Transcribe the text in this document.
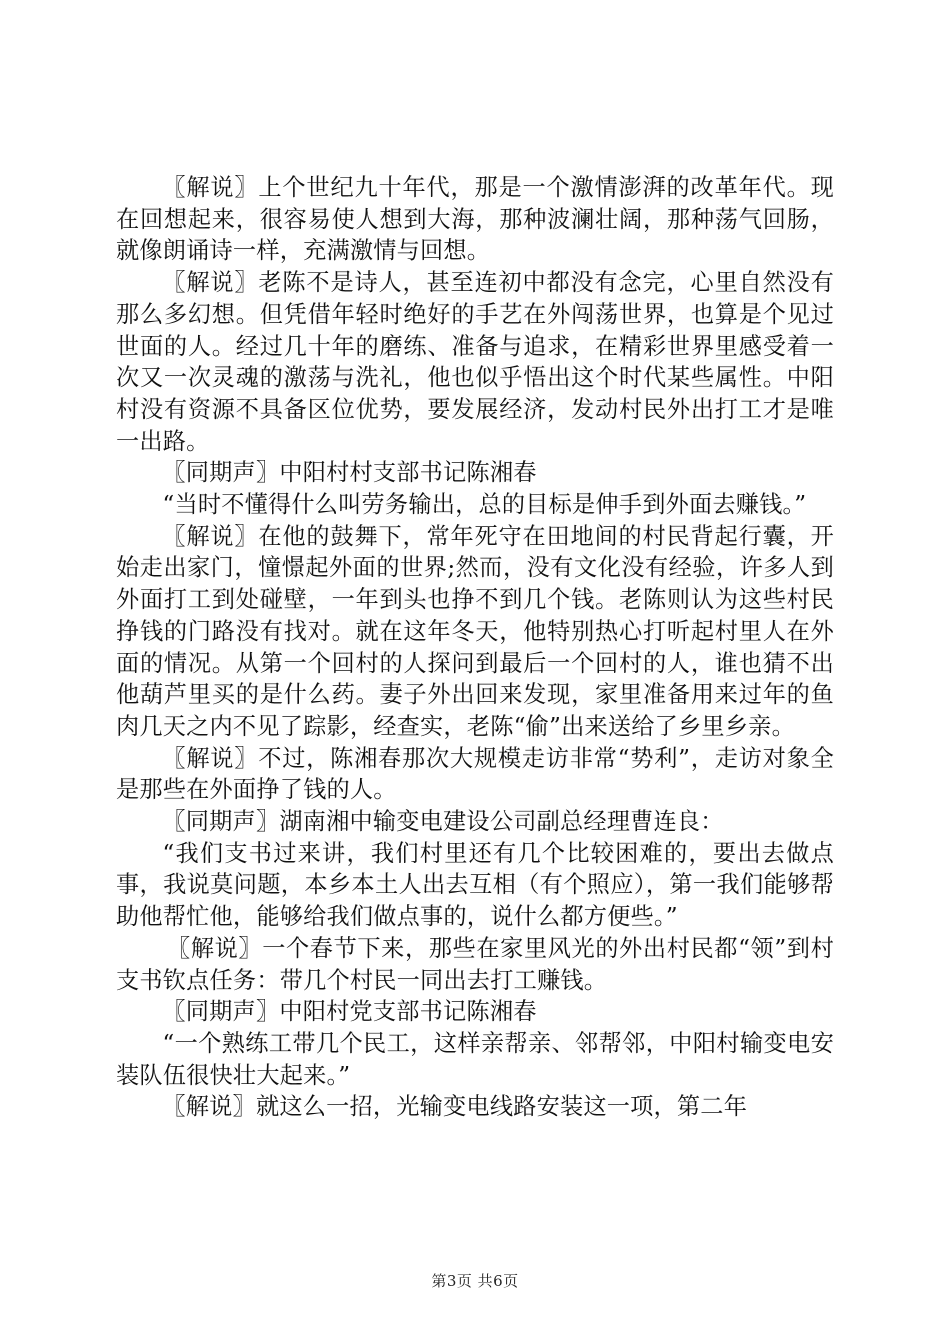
〖解说〗上个世纪九十年代，那是一个激情澎湃的改革年代。现在回想起来，很容易使人想到大海，那种波澜壮阔，那种荡气回肠，就像朗诵诗一样，充满激情与回想。

〖解说〗老陈不是诗人，甚至连初中都没有念完，心里自然没有那么多幻想。但凭借年轻时绝好的手艺在外闯荡世界，也算是个见过世面的人。经过几十年的磨练、准备与追求，在精彩世界里感受着一次又一次灵魂的激荡与洗礼，他也似乎悟出这个时代某些属性。中阳村没有资源不具备区位优势，要发展经济，发动村民外出打工才是唯一出路。

〖同期声〗中阳村村支部书记陈湘春

“当时不懂得什么叫劳务输出，总的目标是伸手到外面去赚钱。”

〖解说〗在他的鼓舞下，常年死守在田地间的村民背起行囊，开始走出家门，憧憬起外面的世界;然而，没有文化没有经验，许多人到外面打工到处碰壁，一年到头也挣不到几个钱。老陈则认为这些村民挣钱的门路没有找对。就在这年冬天，他特别热心打听起村里人在外面的情况。从第一个回村的人探问到最后一个回村的人，谁也猜不出他葫芦里买的是什么药。妻子外出回来发现，家里准备用来过年的鱼肉几天之内不见了踪影，经查实，老陈“偷”出来送给了乡里乡亲。

〖解说〗不过，陈湘春那次大规模走访非常“势利”，走访对象全是那些在外面挣了钱的人。

〖同期声〗湖南湘中输变电建设公司副总经理曹连良：

“我们支书过来讲，我们村里还有几个比较困难的，要出去做点事，我说莫问题，本乡本土人出去互相（有个照应），第一我们能够帮助他帮忙他，能够给我们做点事的，说什么都方便些。”

〖解说〗一个春节下来，那些在家里风光的外出村民都“领”到村支书钦点任务：带几个村民一同出去打工赚钱。

〖同期声〗中阳村党支部书记陈湘春

“一个熟练工带几个民工，这样亲帮亲、邻帮邻，中阳村输变电安装队伍很快壮大起来。”

〖解说〗就这么一招，光输变电线路安装这一项，第二年

第3页 共6页
